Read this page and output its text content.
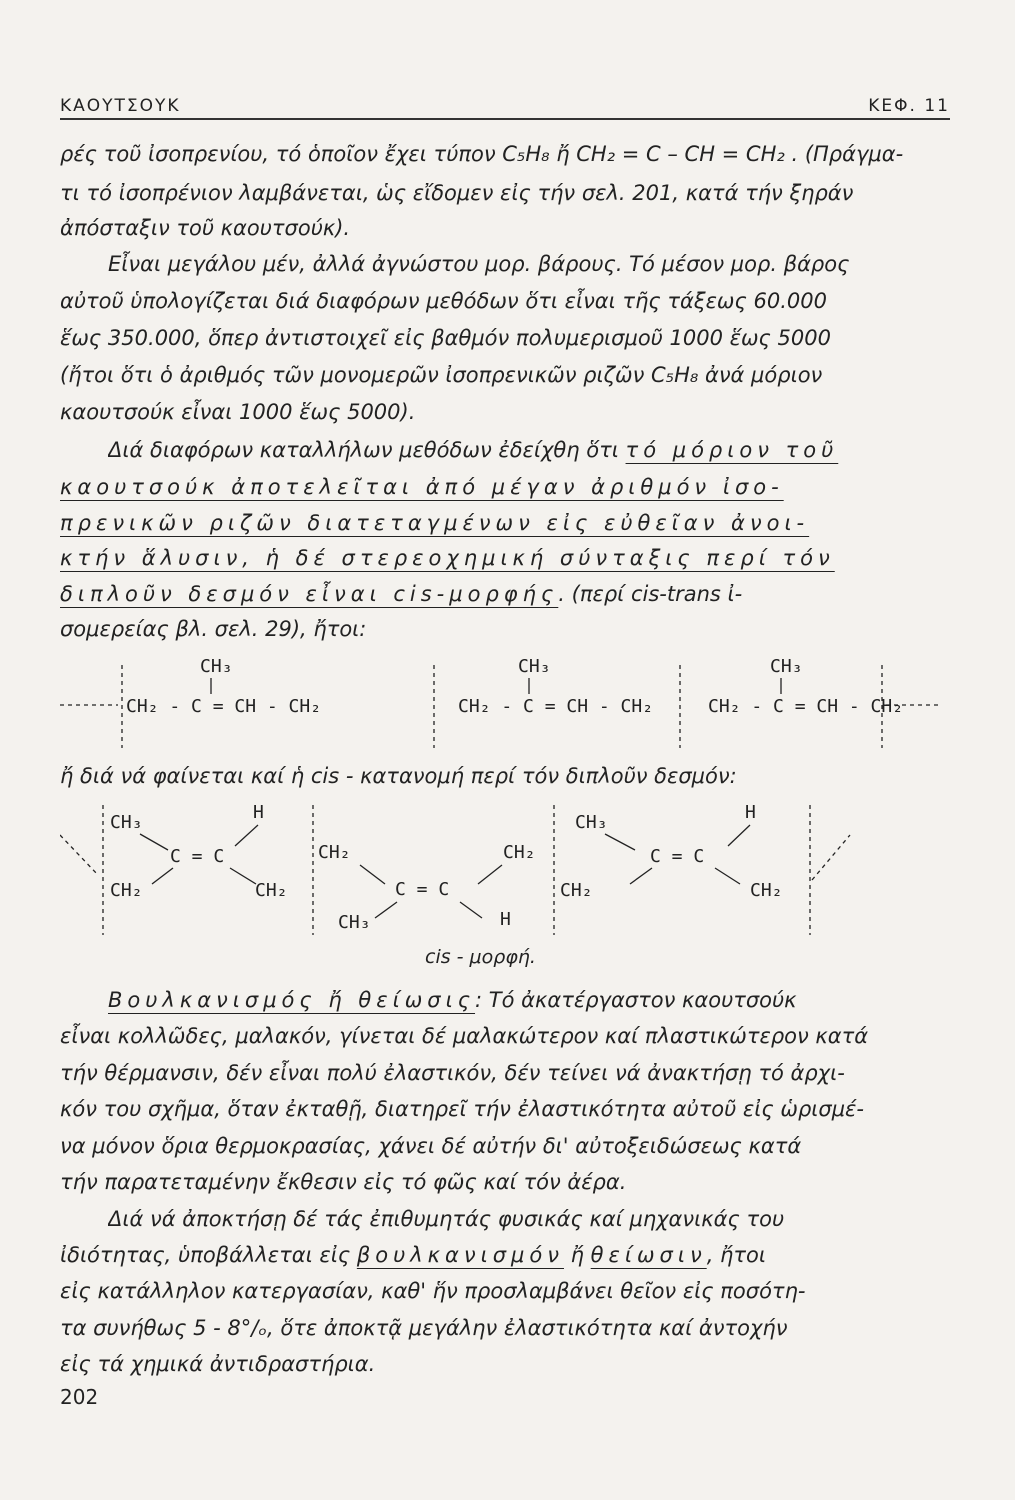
ΚΑΟΥΤΣΟΥΚ	ΚΕΦ. 11
ρές τοῦ ἰσοπρενίου, τό ὁποῖον ἔχει τύπον C₅H₈ ἤ CH₂ = C – CH = CH₂ . (Πράγμα-
τι τό ἰσοπρένιον λαμβάνεται, ὡς εἴδομεν εἰς τήν σελ. 201, κατά τήν ξηράν
ἀπόσταξιν τοῦ καουτσούκ).
Εἶναι μεγάλου μέν, ἀλλά ἀγνώστου μορ. βάρους. Τό μέσον μορ. βάρος
αὐτοῦ ὑπολογίζεται διά διαφόρων μεθόδων ὅτι εἶναι τῆς τάξεως 60.000
ἕως 350.000, ὅπερ ἀντιστοιχεῖ εἰς βαθμόν πολυμερισμοῦ 1000 ἕως 5000
(ἤτοι ὅτι ὁ ἀριθμός τῶν μονομερῶν ἰσοπρενικῶν ριζῶν C₅H₈ ἀνά μόριον
καουτσούκ εἶναι 1000 ἕως 5000).
Διά διαφόρων καταλλήλων μεθόδων ἐδείχθη ὅτι τό μόριον τοῦ
καουτσούκ ἀποτελεῖται ἀπό μέγαν ἀριθμόν ἰσο-
πρενικῶν ριζῶν διατεταγμένων εἰς εὐθεῖαν ἀνοι-
κτήν ἅλυσιν, ἡ δέ στερεοχημική σύνταξις περί τόν
διπλοῦν δεσμόν εἶναι cis-μορφής. (περί cis-trans ἰ-
σομερείας βλ. σελ. 29), ἤτοι:
CH₂ - C = CH - CH₂
CH₃
CH₂ - C = CH - CH₂
CH₃
CH₂ - C = CH - CH₂
CH₃
ἤ διά νά φαίνεται καί ἡ cis - κατανομή περί τόν διπλοῦν δεσμόν:
CH₃	H
C = C
CH₂	CH₂
CH₂	CH₂
C = C
CH₃	H
CH₃	H
C = C
CH₂	CH₂
cis - μορφή.
Βουλκανισμός ἤ θείωσις: Τό ἀκατέργαστον καουτσούκ
εἶναι κολλῶδες, μαλακόν, γίνεται δέ μαλακώτερον καί πλαστικώτερον κατά
τήν θέρμανσιν, δέν εἶναι πολύ ἐλαστικόν, δέν τείνει νά ἀνακτήσῃ τό ἀρχι-
κόν του σχῆμα, ὅταν ἐκταθῇ, διατηρεῖ τήν ἐλαστικότητα αὐτοῦ εἰς ὡρισμέ-
να μόνον ὅρια θερμοκρασίας, χάνει δέ αὐτήν δι' αὐτοξειδώσεως κατά
τήν παρατεταμένην ἔκθεσιν εἰς τό φῶς καί τόν ἀέρα.
Διά νά ἀποκτήσῃ δέ τάς ἐπιθυμητάς φυσικάς καί μηχανικάς του
ἰδιότητας, ὑποβάλλεται εἰς βουλκανισμόν ἤ θείωσιν, ἤτοι
εἰς κατάλληλον κατεργασίαν, καθ' ἥν προσλαμβάνει θεῖον εἰς ποσότη-
τα συνήθως 5 - 8°/ₒ, ὅτε ἀποκτᾷ μεγάλην ἐλαστικότητα καί ἀντοχήν
εἰς τά χημικά ἀντιδραστήρια.
202
